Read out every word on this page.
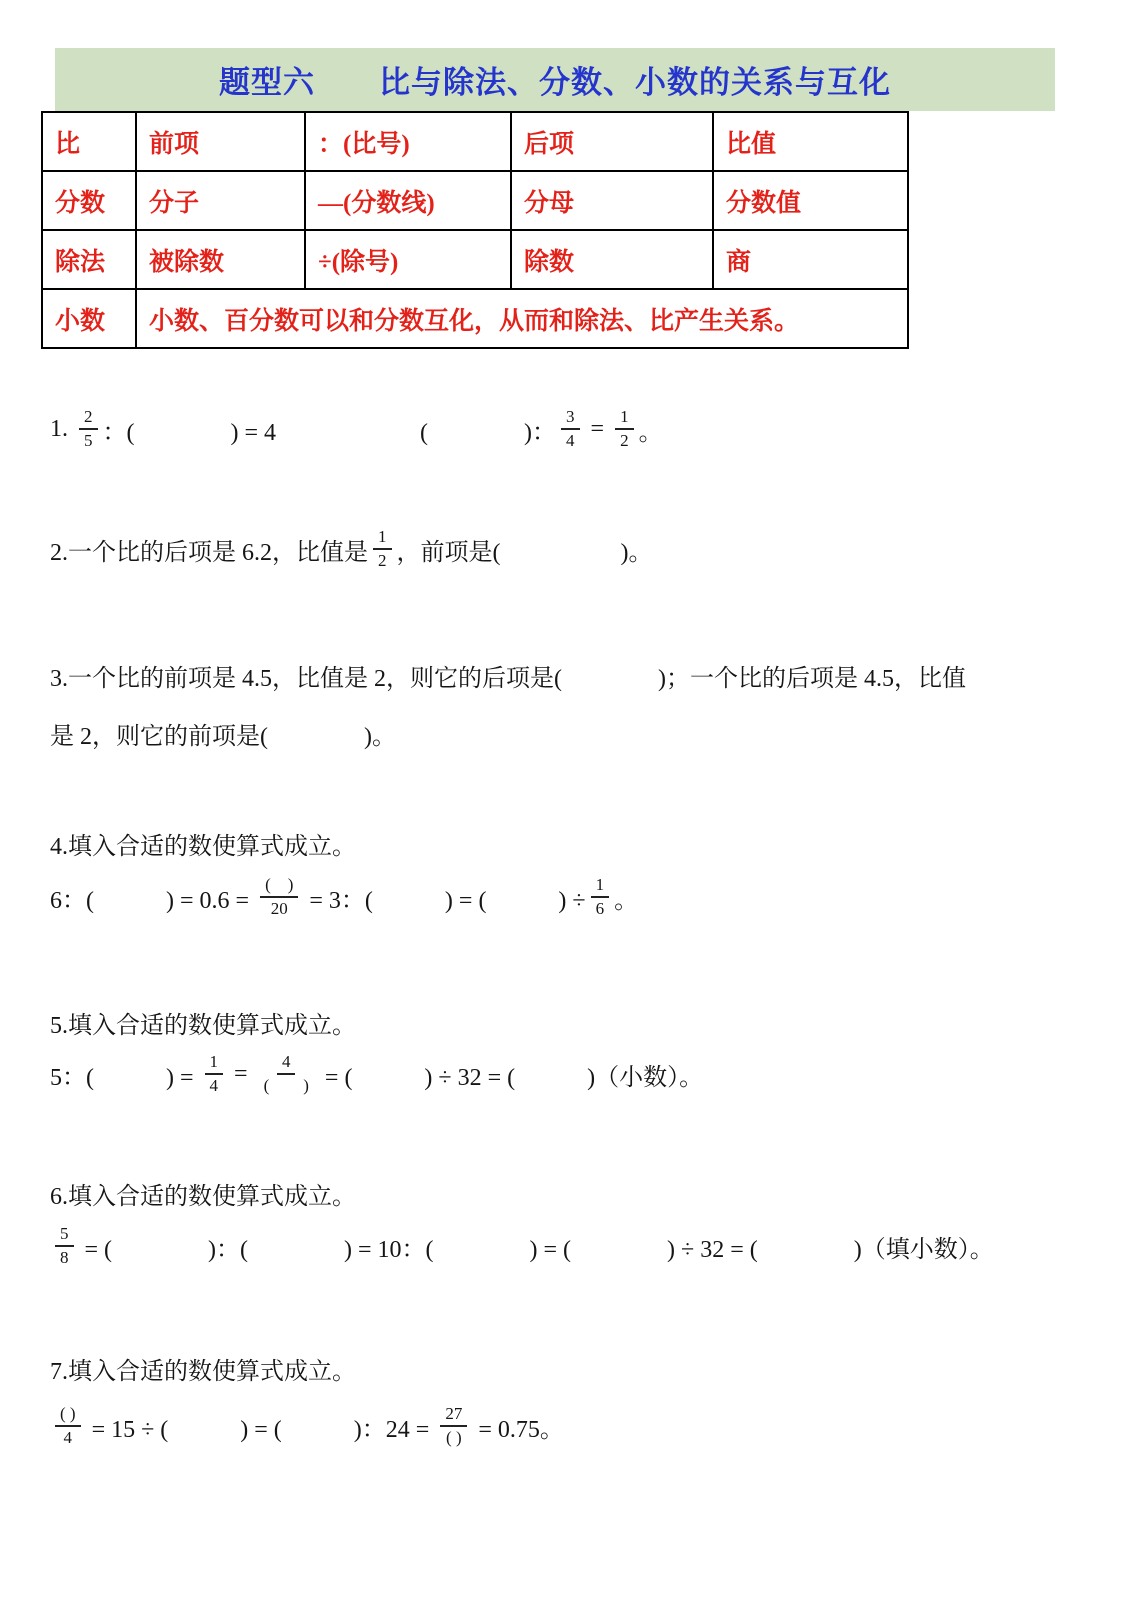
题型六　　比与除法、分数、小数的关系与互化
比	前项	：(比号)	后项	比值
分数	分子	—(分数线)	分母	分数值
除法	被除数	÷(除号)	除数	商
小数	小数、百分数可以和分数互化，从而和除法、比产生关系。			
1. $\frac{2}{5}$ ：(　　　　) = 4　　　　　　(　　　　)： $\frac{3}{4} = \frac{1}{2}$ 。
2.一个比的后项是 6.2，比值是 $\frac{1}{2}$ ，前项是(　　　　　)。
3.一个比的前项是 4.5，比值是 2，则它的后项是(　　　　)；一个比的后项是 4.5，比值
是 2，则它的前项是(　　　　)。
4.填入合适的数使算式成立。
6：(　　　) = $0.6 = \frac{( )}{20} = 3$：(　　　) = (　　　) ÷ $\frac{1}{6}$ 。
5.填入合适的数使算式成立。
5：(　　　) = $\frac{1}{4} = \frac{4}{( )}$ = (　　　) ÷ 32 = (　　　)（小数）。
6.填入合适的数使算式成立。
$\frac{5}{8}$ = (　　　　)：(　　　　) = 10：(　　　　) = (　　　　) ÷ 32 = (　　　　)（填小数）。
7.填入合适的数使算式成立。
$\frac{( )}{4} = 15$ ÷ (　　　) = (　　　)：$24 = \frac{27}{( )} = 0.75$。
